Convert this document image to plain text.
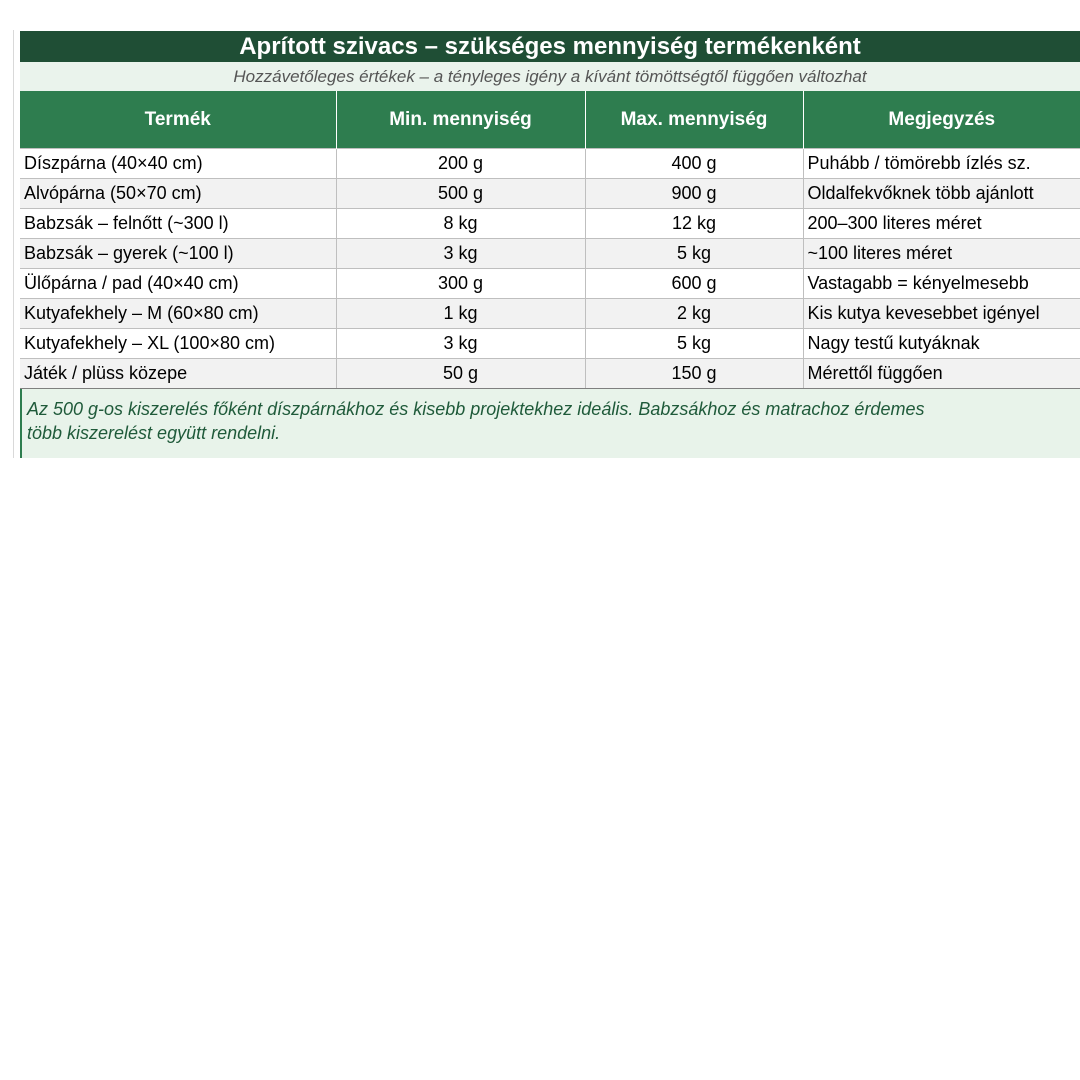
Aprított szivacs – szükséges mennyiség termékenként
Hozzávetőleges értékek – a tényleges igény a kívánt tömöttségtől függően változhat
Termék	Min. mennyiség	Max. mennyiség	Megjegyzés
Díszpárna (40×40 cm)	200 g	400 g	Puhább / tömörebb ízlés sz.
Alvópárna (50×70 cm)	500 g	900 g	Oldalfekvőknek több ajánlott
Babzsák – felnőtt (~300 l)	8 kg	12 kg	200–300 literes méret
Babzsák – gyerek (~100 l)	3 kg	5 kg	~100 literes méret
Ülőpárna / pad (40×40 cm)	300 g	600 g	Vastagabb = kényelmesebb
Kutyafekhely – M (60×80 cm)	1 kg	2 kg	Kis kutya kevesebbet igényel
Kutyafekhely – XL (100×80 cm)	3 kg	5 kg	Nagy testű kutyáknak
Játék / plüss közepe	50 g	150 g	Mérettől függően
Az 500 g-os kiszerelés főként díszpárnákhoz és kisebb projektekhez ideális. Babzsákhoz és matrachoz érdemes
több kiszerelést együtt rendelni.
